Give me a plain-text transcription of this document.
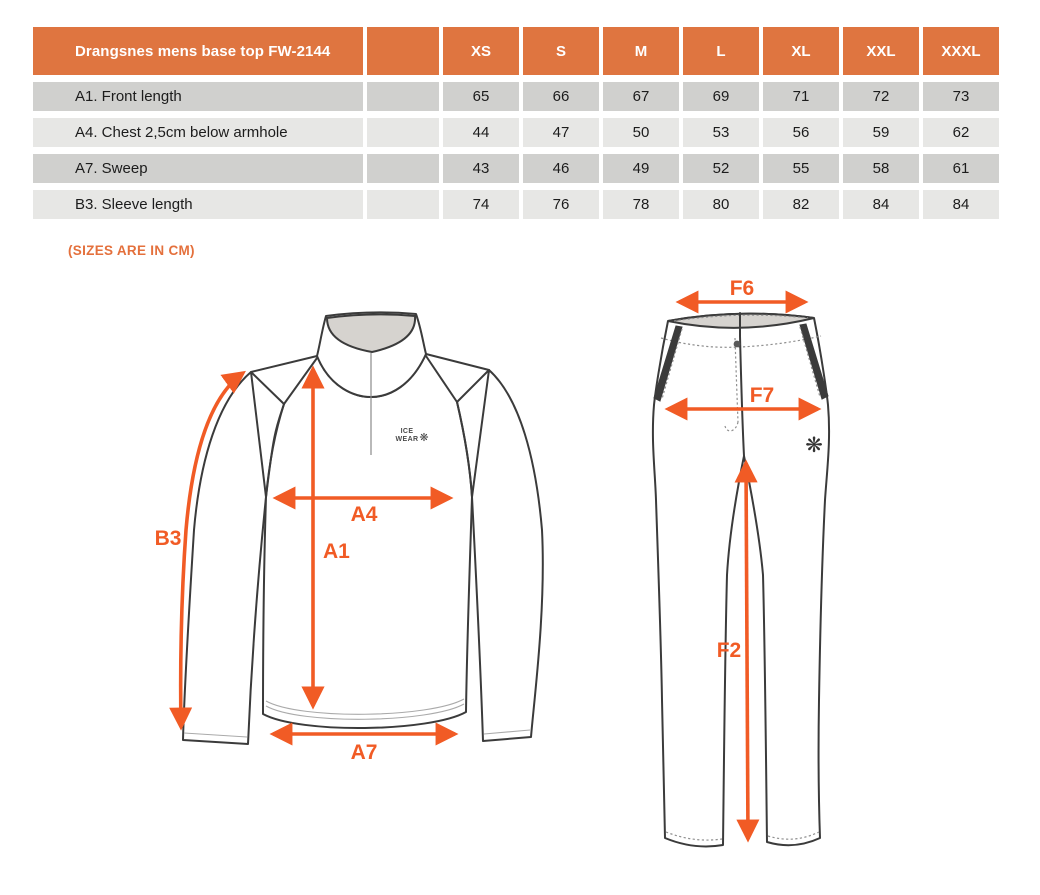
Drangsnes mens base top FW-2144		XS	S	M	L	XL	XXL	XXXL
A1. Front length		65	66	67	69	71	72	73
A4. Chest 2,5cm below armhole		44	47	50	53	56	59	62
A7. Sweep		43	46	49	52	55	58	61
B3. Sleeve length		74	76	78	80	82	84	84
(SIZES ARE IN CM)
ICE
WEAR ❋
B3
A4
A1
A7
❋
F6
F7
F2
